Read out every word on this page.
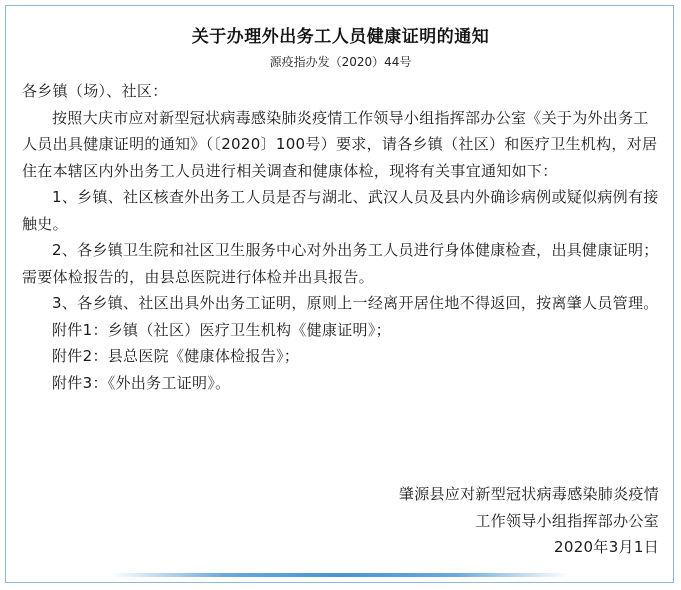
关于办理外出务工人员健康证明的通知
源疫指办发（2020）44号

各乡镇（场）、社区：

按照大庆市应对新型冠状病毒感染肺炎疫情工作领导小组指挥部办公室《关于为外出务工人员出具健康证明的通知》（〔2020〕100号）要求，请各乡镇（社区）和医疗卫生机构，对居住在本辖区内外出务工人员进行相关调查和健康体检，现将有关事宜通知如下：

1、乡镇、社区核查外出务工人员是否与湖北、武汉人员及县内外确诊病例或疑似病例有接触史。

2、各乡镇卫生院和社区卫生服务中心对外出务工人员进行身体健康检查，出具健康证明；需要体检报告的，由县总医院进行体检并出具报告。

3、各乡镇、社区出具外出务工证明，原则上一经离开居住地不得返回，按离肇人员管理。

附件1：乡镇（社区）医疗卫生机构《健康证明》；

附件2：县总医院《健康体检报告》；

附件3：《外出务工证明》。

肇源县应对新型冠状病毒感染肺炎疫情

工作领导小组指挥部办公室

2020年3月1日
